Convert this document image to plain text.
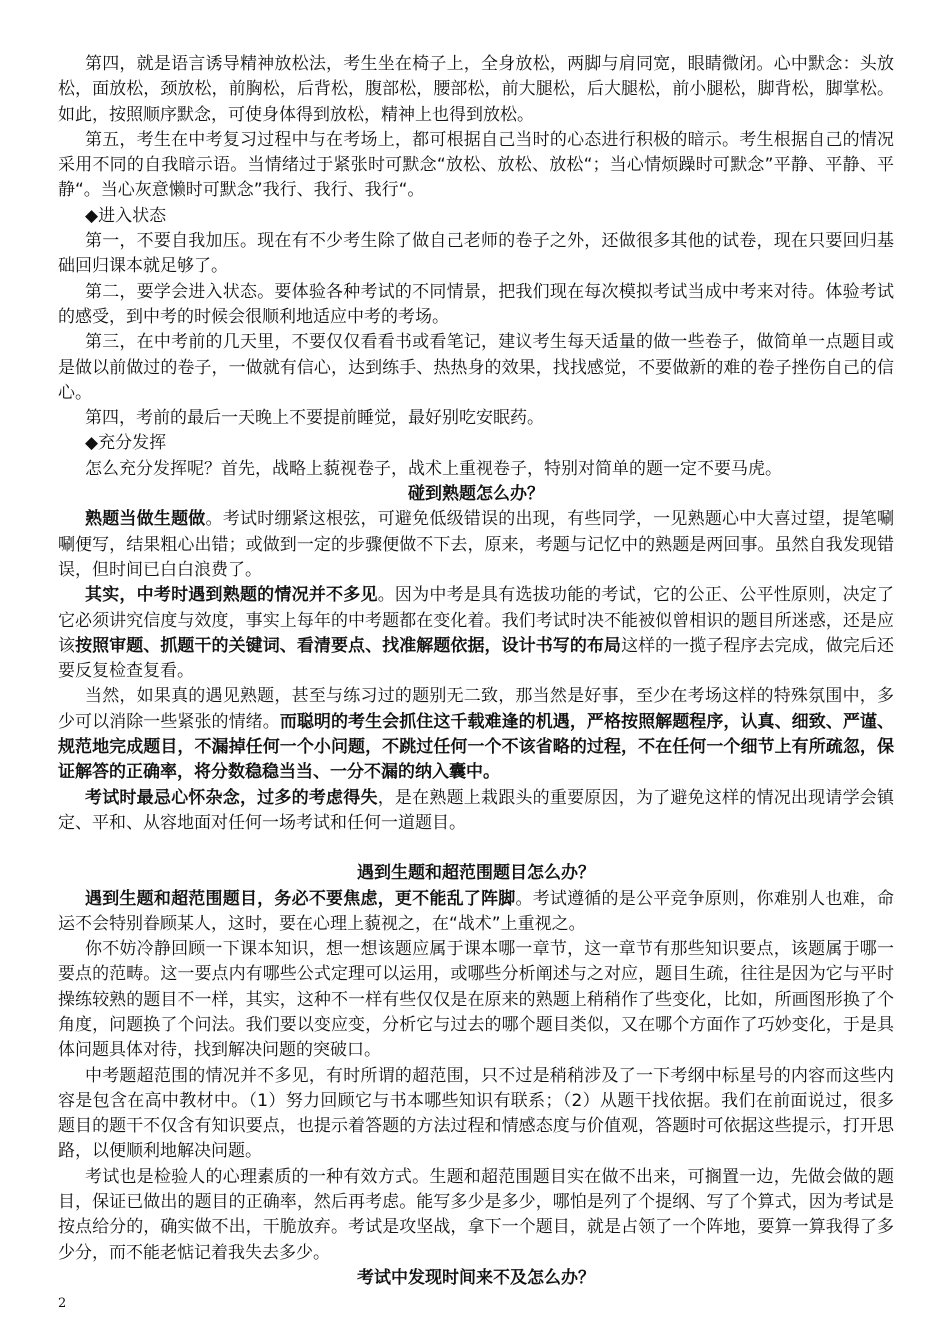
第四，就是语言诱导精神放松法，考生坐在椅子上，全身放松，两脚与肩同宽，眼睛微闭。心中默念：头放松，面放松，颈放松，前胸松，后背松，腹部松，腰部松，前大腿松，后大腿松，前小腿松，脚背松，脚掌松。如此，按照顺序默念，可使身体得到放松，精神上也得到放松。

第五，考生在中考复习过程中与在考场上，都可根据自己当时的心态进行积极的暗示。考生根据自己的情况采用不同的自我暗示语。当情绪过于紧张时可默念“放松、放松、放松“；当心情烦躁时可默念”平静、平静、平静“。当心灰意懒时可默念”我行、我行、我行“。

◆进入状态

第一，不要自我加压。现在有不少考生除了做自己老师的卷子之外，还做很多其他的试卷，现在只要回归基础回归课本就足够了。

第二，要学会进入状态。要体验各种考试的不同情景，把我们现在每次模拟考试当成中考来对待。体验考试的感受，到中考的时候会很顺利地适应中考的考场。

第三，在中考前的几天里，不要仅仅看看书或看笔记，建议考生每天适量的做一些卷子，做简单一点题目或是做以前做过的卷子，一做就有信心，达到练手、热热身的效果，找找感觉，不要做新的难的卷子挫伤自己的信心。

第四，考前的最后一天晚上不要提前睡觉，最好别吃安眠药。

◆充分发挥

怎么充分发挥呢？首先，战略上藐视卷子，战术上重视卷子，特别对简单的题一定不要马虎。

碰到熟题怎么办？

熟题当做生题做。考试时绷紧这根弦，可避免低级错误的出现，有些同学，一见熟题心中大喜过望，提笔唰唰便写，结果粗心出错；或做到一定的步骤便做不下去，原来，考题与记忆中的熟题是两回事。虽然自我发现错误，但时间已白白浪费了。

其实，中考时遇到熟题的情况并不多见。因为中考是具有选拔功能的考试，它的公正、公平性原则，决定了它必须讲究信度与效度，事实上每年的中考题都在变化着。我们考试时决不能被似曾相识的题目所迷惑，还是应该按照审题、抓题干的关键词、看清要点、找准解题依据，设计书写的布局这样的一揽子程序去完成，做完后还要反复检查复看。

当然，如果真的遇见熟题，甚至与练习过的题别无二致，那当然是好事，至少在考场这样的特殊氛围中，多少可以消除一些紧张的情绪。而聪明的考生会抓住这千载难逢的机遇，严格按照解题程序，认真、细致、严谨、规范地完成题目，不漏掉任何一个小问题，不跳过任何一个不该省略的过程，不在任何一个细节上有所疏忽，保证解答的正确率，将分数稳稳当当、一分不漏的纳入囊中。

考试时最忌心怀杂念，过多的考虑得失，是在熟题上栽跟头的重要原因，为了避免这样的情况出现请学会镇定、平和、从容地面对任何一场考试和任何一道题目。

遇到生题和超范围题目怎么办？

遇到生题和超范围题目，务必不要焦虑，更不能乱了阵脚。考试遵循的是公平竞争原则，你难别人也难，命运不会特别眷顾某人，这时，要在心理上藐视之，在“战术”上重视之。

你不妨冷静回顾一下课本知识，想一想该题应属于课本哪一章节，这一章节有那些知识要点，该题属于哪一要点的范畴。这一要点内有哪些公式定理可以运用，或哪些分析阐述与之对应，题目生疏，往往是因为它与平时操练较熟的题目不一样，其实，这种不一样有些仅仅是在原来的熟题上稍稍作了些变化，比如，所画图形换了个角度，问题换了个问法。我们要以变应变，分析它与过去的哪个题目类似，又在哪个方面作了巧妙变化，于是具体问题具体对待，找到解决问题的突破口。

中考题超范围的情况并不多见，有时所谓的超范围，只不过是稍稍涉及了一下考纲中标星号的内容而这些内容是包含在高中教材中。（1）努力回顾它与书本哪些知识有联系；（2）从题干找依据。我们在前面说过，很多题目的题干不仅含有知识要点，也提示着答题的方法过程和情感态度与价值观，答题时可依据这些提示，打开思路，以便顺利地解决问题。

考试也是检验人的心理素质的一种有效方式。生题和超范围题目实在做不出来，可搁置一边，先做会做的题目，保证已做出的题目的正确率，然后再考虑。能写多少是多少，哪怕是列了个提纲、写了个算式，因为考试是按点给分的，确实做不出，干脆放弃。考试是攻坚战，拿下一个题目，就是占领了一个阵地，要算一算我得了多少分，而不能老惦记着我失去多少。

考试中发现时间来不及怎么办？

2
